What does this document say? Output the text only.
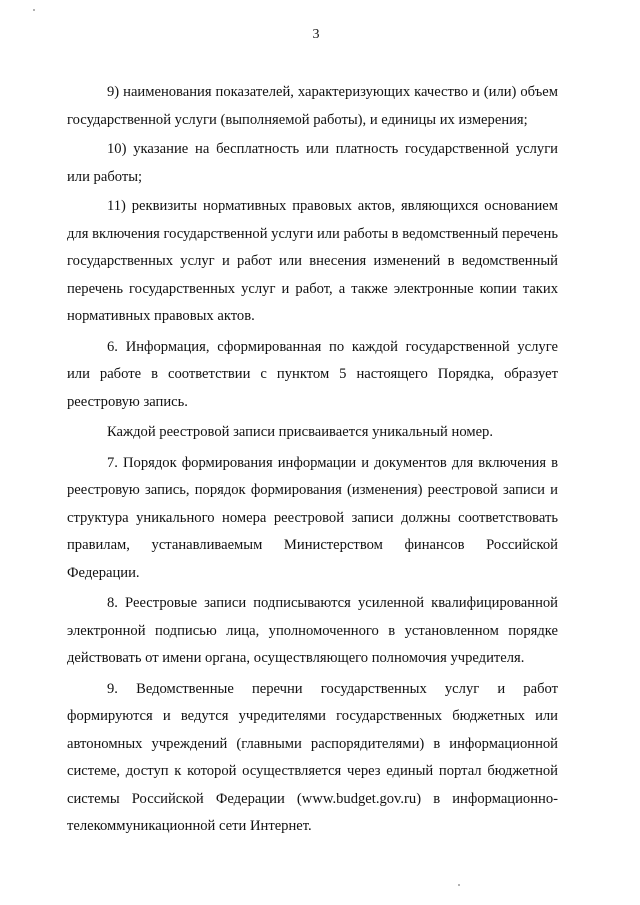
3

9) наименования показателей, характеризующих качество и (или) объем государственной услуги (выполняемой работы), и единицы их измерения;

10) указание на бесплатность или платность государственной услуги или работы;

11) реквизиты нормативных правовых актов, являющихся основанием для включения государственной услуги или работы в ведомственный перечень государственных услуг и работ или внесения изменений в ведомственный перечень государственных услуг и работ, а также электронные копии таких нормативных правовых актов.

6. Информация, сформированная по каждой государственной услуге или работе в соответствии с пунктом 5 настоящего Порядка, образует реестровую запись.

Каждой реестровой записи присваивается уникальный номер.

7. Порядок формирования информации и документов для включения в реестровую запись, порядок формирования (изменения) реестровой записи и структура уникального номера реестровой записи должны соответствовать правилам, устанавливаемым Министерством финансов Российской Федерации.

8. Реестровые записи подписываются усиленной квалифицированной электронной подписью лица, уполномоченного в установленном порядке действовать от имени органа, осуществляющего полномочия учредителя.

9. Ведомственные перечни государственных услуг и работ формируются и ведутся учредителями государственных бюджетных или автономных учреждений (главными распорядителями) в информационной системе, доступ к которой осуществляется через единый портал бюджетной системы Российской Федерации (www.budget.gov.ru) в информационно-телекоммуникационной сети Интернет.
